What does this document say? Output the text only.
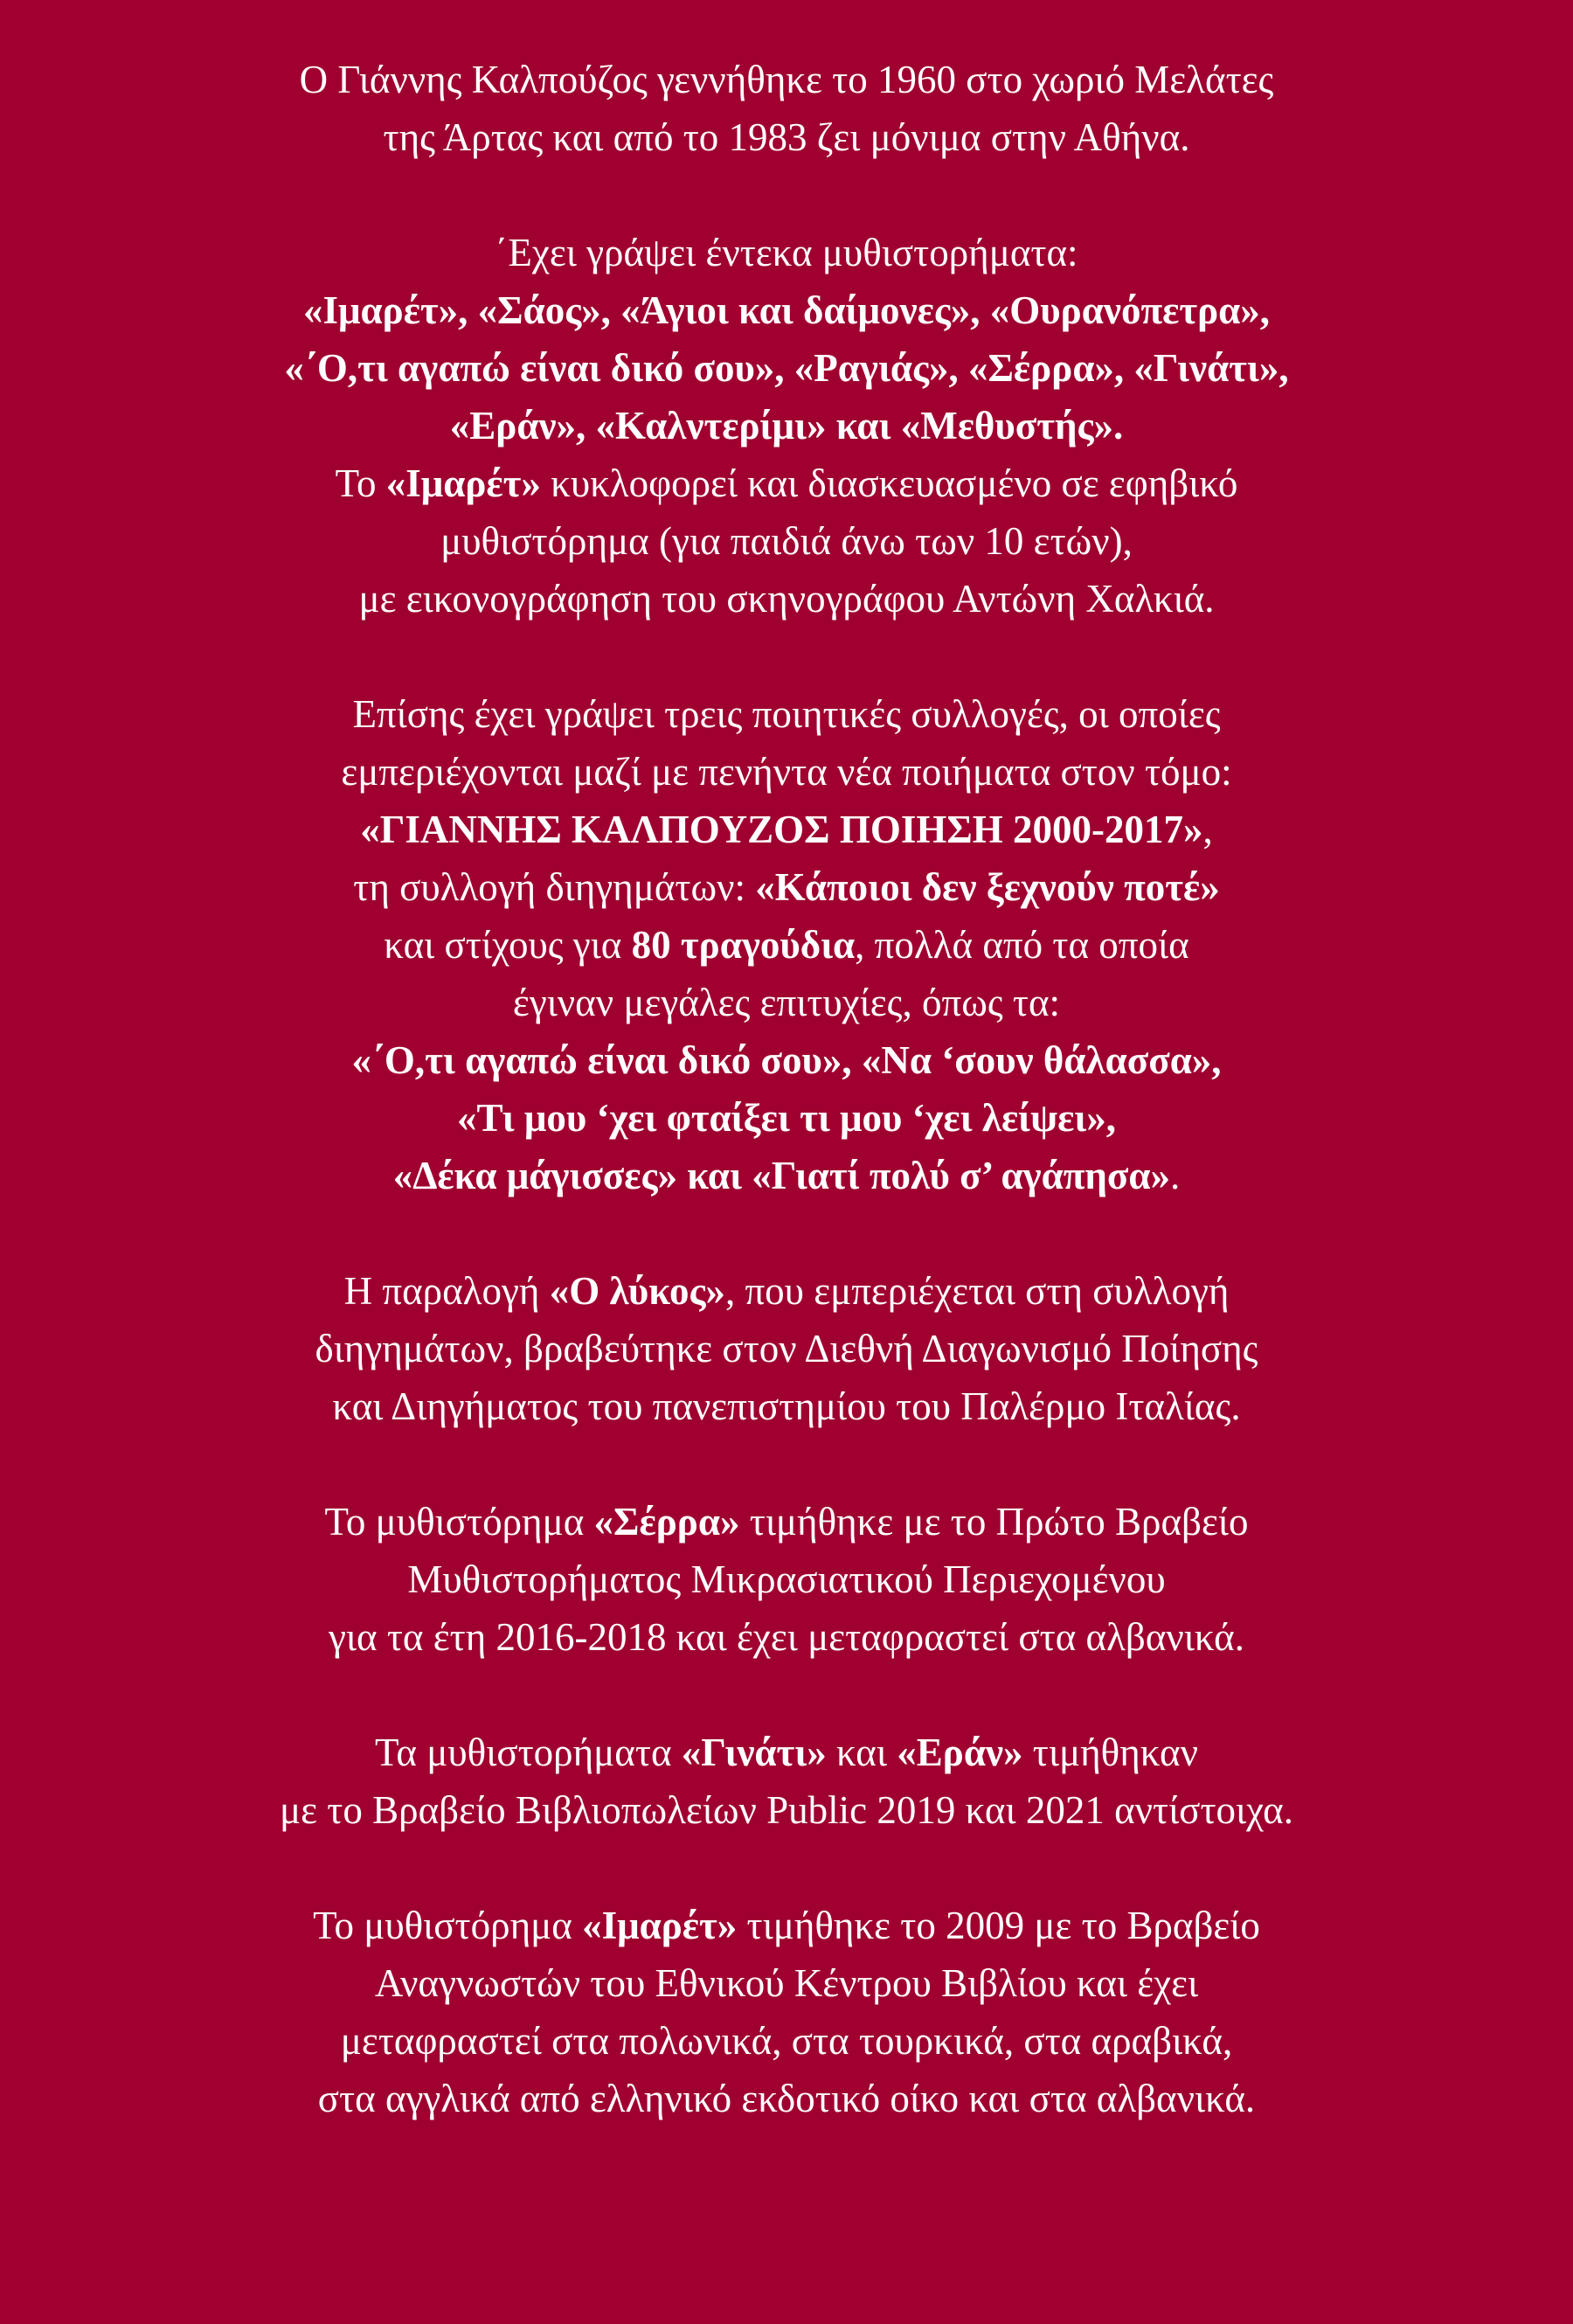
Ο Γιάννης Καλπούζος γεννήθηκε το 1960 στο χωριό Μελάτες
της Άρτας και από το 1983 ζει μόνιμα στην Αθήνα.
΄Εχει γράψει έντεκα μυθιστορήματα:
«Ιμαρέτ», «Σάος», «Άγιοι και δαίμονες», «Ουρανόπετρα»,
«΄Ο,τι αγαπώ είναι δικό σου», «Ραγιάς», «Σέρρα», «Γινάτι»,
«Εράν», «Καλντερίμι» και «Μεθυστής».
Το «Ιμαρέτ» κυκλοφορεί και διασκευασμένο σε εφηβικό
μυθιστόρημα (για παιδιά άνω των 10 ετών),
με εικονογράφηση του σκηνογράφου Αντώνη Χαλκιά.
Επίσης έχει γράψει τρεις ποιητικές συλλογές, οι οποίες
εμπεριέχονται μαζί με πενήντα νέα ποιήματα στον τόμο:
«ΓΙΑΝΝΗΣ ΚΑΛΠΟΥΖΟΣ ΠΟΙΗΣΗ 2000-2017»,
τη συλλογή διηγημάτων: «Κάποιοι δεν ξεχνούν ποτέ»
και στίχους για 80 τραγούδια, πολλά από τα οποία
έγιναν μεγάλες επιτυχίες, όπως τα:
«΄Ο,τι αγαπώ είναι δικό σου», «Να ‘σουν θάλασσα»,
«Τι μου ‘χει φταίξει τι μου ‘χει λείψει»,
«Δέκα μάγισσες» και «Γιατί πολύ σ’ αγάπησα».
Η παραλογή «Ο λύκος», που εμπεριέχεται στη συλλογή
διηγημάτων, βραβεύτηκε στον Διεθνή Διαγωνισμό Ποίησης
και Διηγήματος του πανεπιστημίου του Παλέρμο Ιταλίας.
Το μυθιστόρημα «Σέρρα» τιμήθηκε με το Πρώτο Βραβείο
Μυθιστορήματος Μικρασιατικού Περιεχομένου
για τα έτη 2016-2018 και έχει μεταφραστεί στα αλβανικά.
Τα μυθιστορήματα «Γινάτι» και «Εράν» τιμήθηκαν
με το Βραβείο Βιβλιοπωλείων Public 2019 και 2021 αντίστοιχα.
Το μυθιστόρημα «Ιμαρέτ» τιμήθηκε το 2009 με το Βραβείο
Αναγνωστών του Εθνικού Κέντρου Βιβλίου και έχει
μεταφραστεί στα πολωνικά, στα τουρκικά, στα αραβικά,
στα αγγλικά από ελληνικό εκδοτικό οίκο και στα αλβανικά.
